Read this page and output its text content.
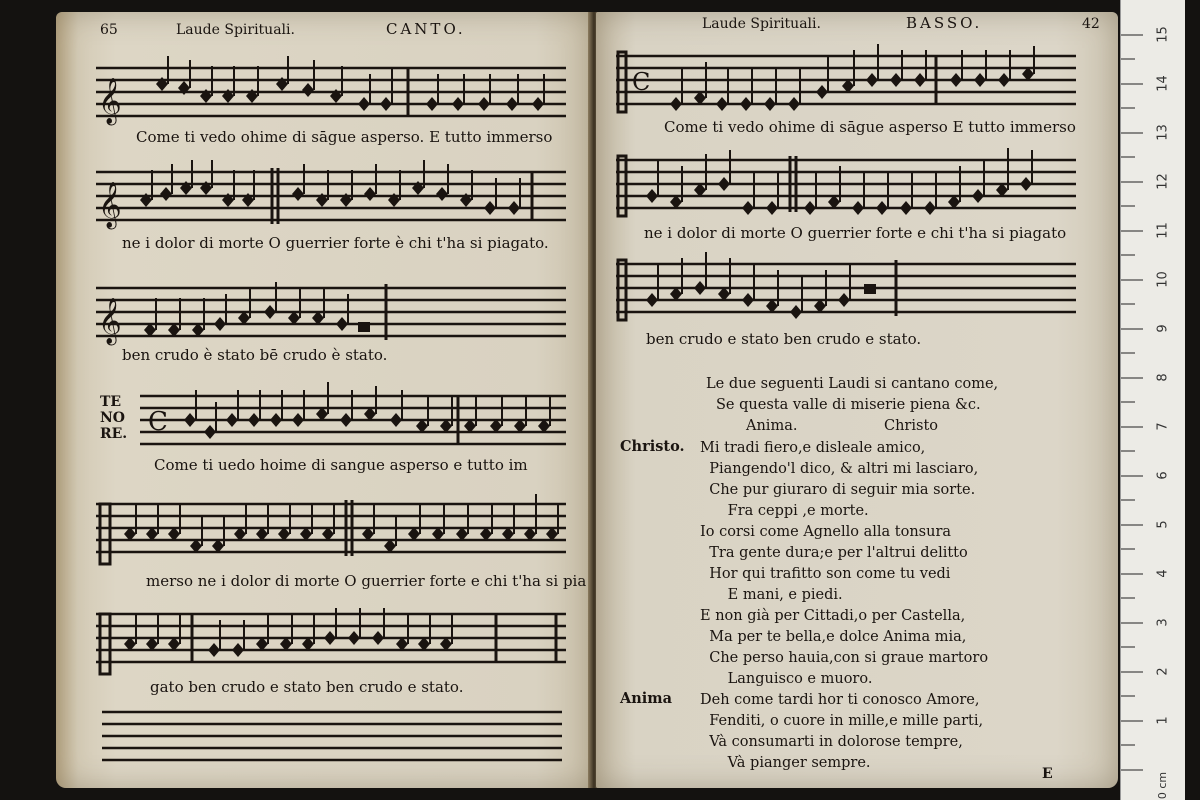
65	Laude Spirituali.	CANTO.
𝄞
Come ti vedo ohime di sāgue asperso. E tutto immerso
𝄞
ne i dolor di morte O guerrier forte è chi t'ha si piagato.
𝄞
ben crudo è stato bē crudo è stato.
TE NO RE. C
Come ti uedo hoime di sangue asperso e tutto im
merso ne i dolor di morte O guerrier forte e chi t'ha si pia
gato ben crudo e stato ben crudo e stato.
Laude Spirituali.	BASSO.	42
C
Come ti vedo ohime di sāgue asperso E tutto immerso
ne i dolor di morte O guerrier forte e chi t'ha si piagato
ben crudo e stato ben crudo e stato.
Le due seguenti Laudi si cantano come,
Se questa valle di miserie piena &c.
Anima.	Christo
Christo. Mi tradi fiero,e disleale amico,
Piangendo'l dico, & altri mi lasciaro,
Che pur giuraro di seguir mia sorte.
Fra ceppi ,e morte.
Io corsi come Agnello alla tonsura
Tra gente dura;e per l'altrui delitto
Hor qui trafitto son come tu vedi
E mani, e piedi.
E non già per Cittadi,o per Castella,
Ma per te bella,e dolce Anima mia,
Che perso hauia,con si graue martoro
Languisco e muoro.
Anima Deh come tardi hor ti conosco Amore,
Fenditi, o cuore in mille,e mille parti,
Và consumarti in dolorose tempre,
Và pianger sempre.
E
1
2
3
4
5
6
7
8
9
10
11
12
13
14
15
0 cm
